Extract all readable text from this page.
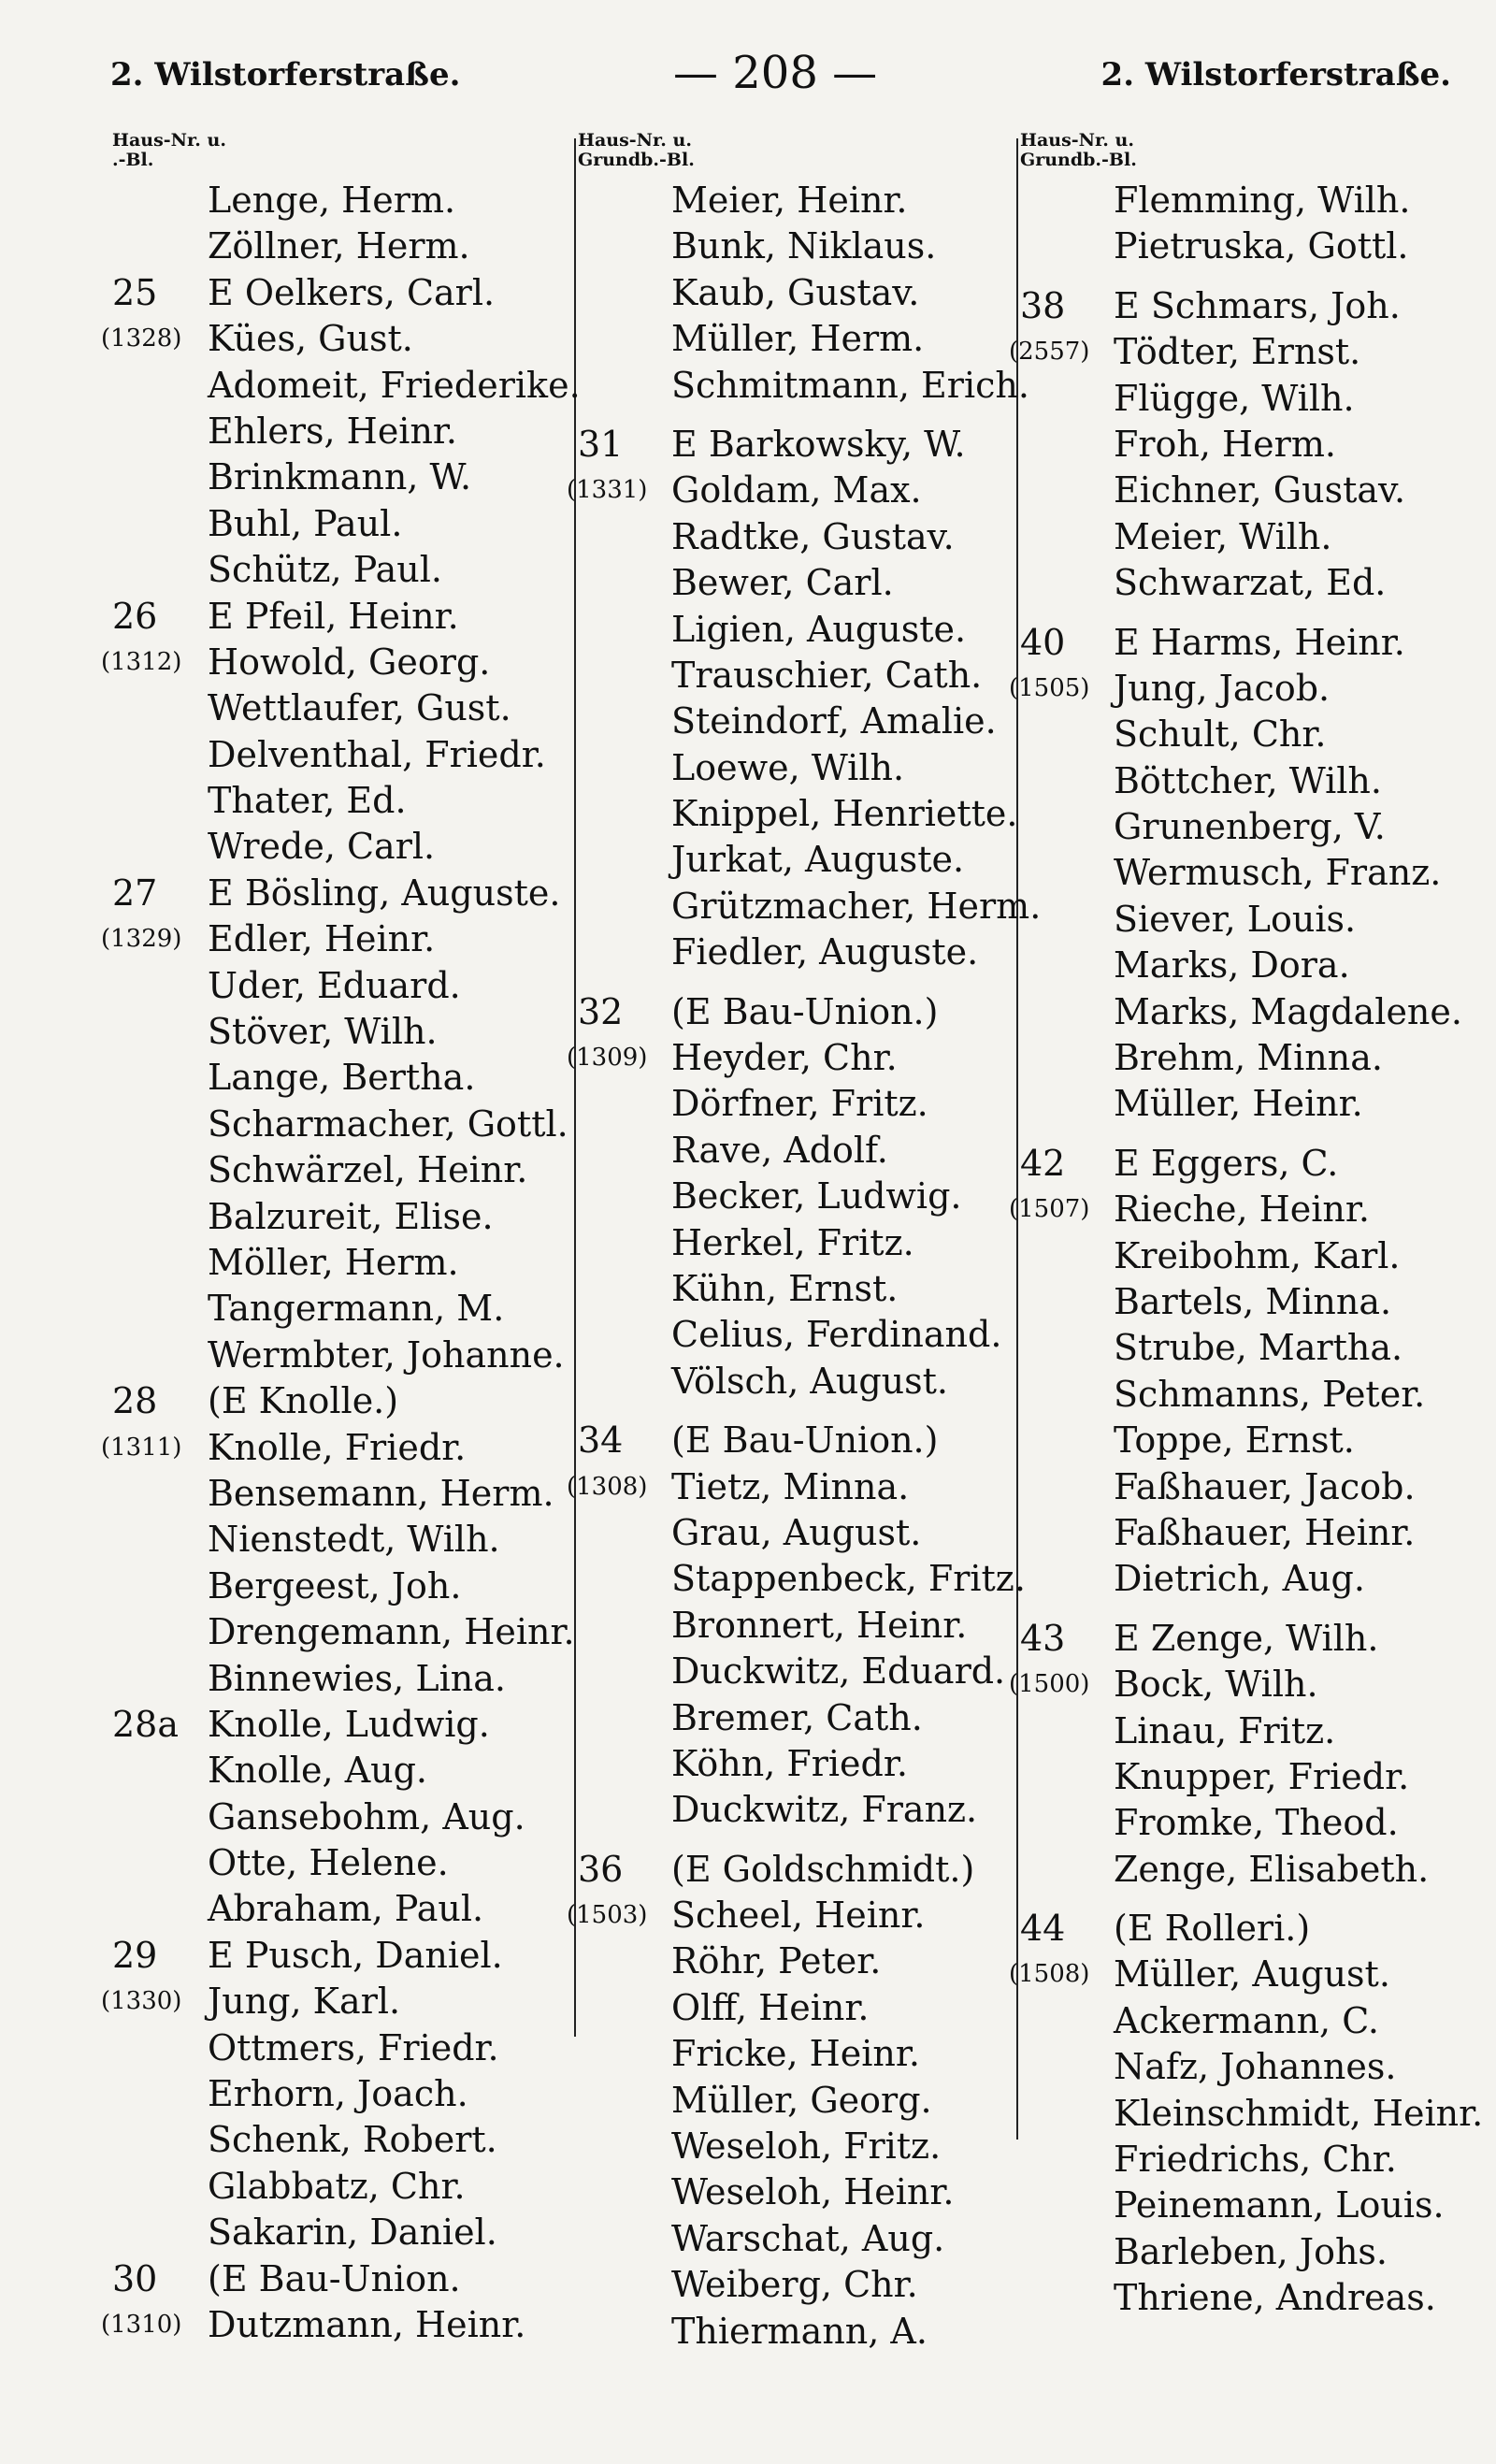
2. Wilstorferstraße.	— 208 —	2. Wilstorferstraße.
Haus-Nr. u.
.-Bl.
Lenge, Herm.
Zöllner, Herm.
25 E Oelkers, Carl.
(1328) Kües, Gust.
Adomeit, Friederike.
Ehlers, Heinr.
Brinkmann, W.
Buhl, Paul.
Schütz, Paul.
26 E Pfeil, Heinr.
(1312) Howold, Georg.
Wettlaufer, Gust.
Delventhal, Friedr.
Thater, Ed.
Wrede, Carl.
27 E Bösling, Auguste.
(1329) Edler, Heinr.
Uder, Eduard.
Stöver, Wilh.
Lange, Bertha.
Scharmacher, Gottl.
Schwärzel, Heinr.
Balzureit, Elise.
Möller, Herm.
Tangermann, M.
Wermbter, Johanne.
28 (E Knolle.)
(1311) Knolle, Friedr.
Bensemann, Herm.
Nienstedt, Wilh.
Bergeest, Joh.
Drengemann, Heinr.
Binnewies, Lina.
28a Knolle, Ludwig.
Knolle, Aug.
Gansebohm, Aug.
Otte, Helene.
Abraham, Paul.
29 E Pusch, Daniel.
(1330) Jung, Karl.
Ottmers, Friedr.
Erhorn, Joach.
Schenk, Robert.
Glabbatz, Chr.
Sakarin, Daniel.
30 (E Bau-Union.
(1310) Dutzmann, Heinr.
Haus-Nr. u.
Grundb.-Bl.
Meier, Heinr.
Bunk, Niklaus.
Kaub, Gustav.
Müller, Herm.
Schmitmann, Erich.
31 E Barkowsky, W.
(1331) Goldam, Max.
Radtke, Gustav.
Bewer, Carl.
Ligien, Auguste.
Trauschier, Cath.
Steindorf, Amalie.
Loewe, Wilh.
Knippel, Henriette.
Jurkat, Auguste.
Grützmacher, Herm.
Fiedler, Auguste.
32 (E Bau-Union.)
(1309) Heyder, Chr.
Dörfner, Fritz.
Rave, Adolf.
Becker, Ludwig.
Herkel, Fritz.
Kühn, Ernst.
Celius, Ferdinand.
Völsch, August.
34 (E Bau-Union.)
(1308) Tietz, Minna.
Grau, August.
Stappenbeck, Fritz.
Bronnert, Heinr.
Duckwitz, Eduard.
Bremer, Cath.
Köhn, Friedr.
Duckwitz, Franz.
36 (E Goldschmidt.)
(1503) Scheel, Heinr.
Röhr, Peter.
Olff, Heinr.
Fricke, Heinr.
Müller, Georg.
Weseloh, Fritz.
Weseloh, Heinr.
Warschat, Aug.
Weiberg, Chr.
Thiermann, A.
Haus-Nr. u.
Grundb.-Bl.
Flemming, Wilh.
Pietruska, Gottl.
38 E Schmars, Joh.
(2557) Tödter, Ernst.
Flügge, Wilh.
Froh, Herm.
Eichner, Gustav.
Meier, Wilh.
Schwarzat, Ed.
40 E Harms, Heinr.
(1505) Jung, Jacob.
Schult, Chr.
Böttcher, Wilh.
Grunenberg, V.
Wermusch, Franz.
Siever, Louis.
Marks, Dora.
Marks, Magdalene.
Brehm, Minna.
Müller, Heinr.
42 E Eggers, C.
(1507) Rieche, Heinr.
Kreibohm, Karl.
Bartels, Minna.
Strube, Martha.
Schmanns, Peter.
Toppe, Ernst.
Faßhauer, Jacob.
Faßhauer, Heinr.
Dietrich, Aug.
43 E Zenge, Wilh.
(1500) Bock, Wilh.
Linau, Fritz.
Knupper, Friedr.
Fromke, Theod.
Zenge, Elisabeth.
44 (E Rolleri.)
(1508) Müller, August.
Ackermann, C.
Nafz, Johannes.
Kleinschmidt, Heinr.
Friedrichs, Chr.
Peinemann, Louis.
Barleben, Johs.
Thriene, Andreas.
